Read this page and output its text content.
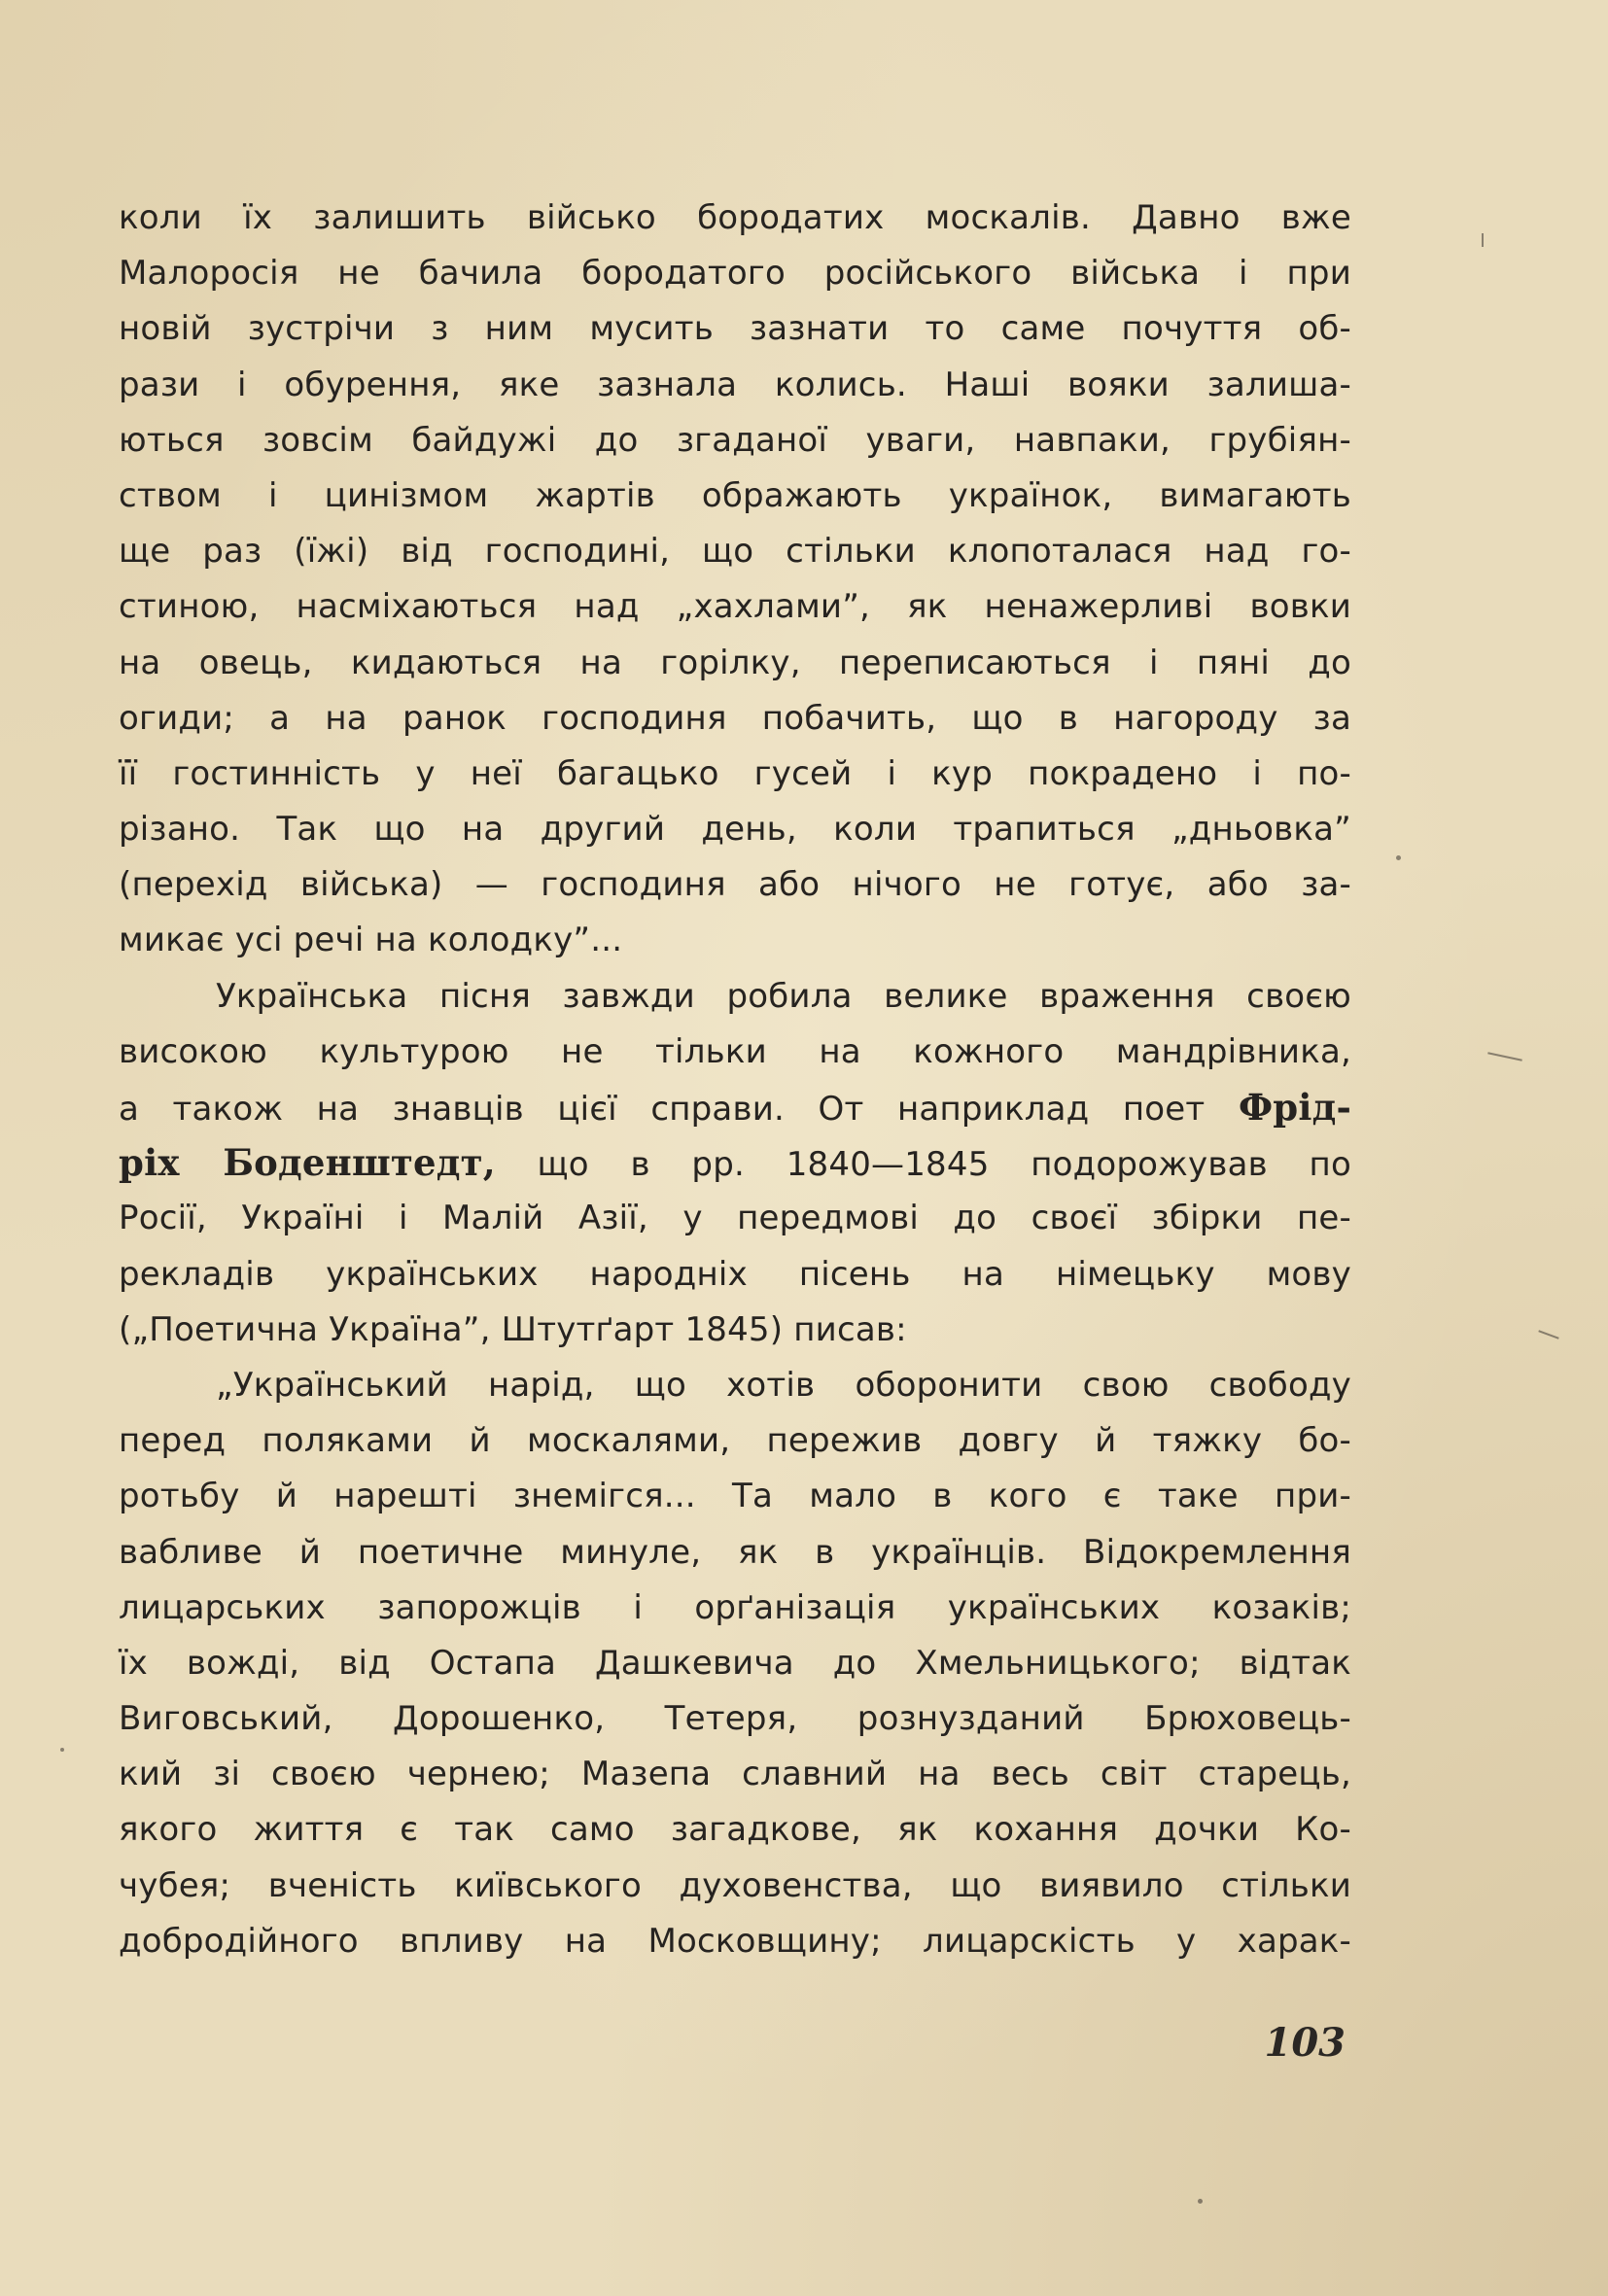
коли їх залишить військо бородатих москалів. Давно вже
Малоросія не бачила бородатого російського війська і при
новій зустрічи з ним мусить зазнати то саме почуття об-
рази і обурення, яке зазнала колись. Наші вояки залиша-
ються зовсім байдужі до згаданої уваги, навпаки, грубіян-
ством і цинізмом жартів ображають українок, вимагають
ще раз (їжі) від господині, що стільки клопоталася над го-
стиною, насміхаються над „хахлами”, як ненажерливі вовки
на овець, кидаються на горілку, переписаються і пяні до
огиди; а на ранок господиня побачить, що в нагороду за
її гостинність у неї багацько гусей і кур покрадено і по-
різано. Так що на другий день, коли трапиться „дньовка”
(перехід війська) — господиня або нічого не готує, або за-
микає усі речі на колодку”...
Українська пісня завжди робила велике враження своєю
високою культурою не тільки на кожного мандрівника,
а також на знавців цієї справи. От наприклад поет Фрід-
ріх Боденштедт, що в рр. 1840—1845 подорожував по
Росії, Україні і Малій Азії, у передмові до своєї збірки пе-
рекладів українських народніх пісень на німецьку мову
(„Поетична Україна”, Штутґарт 1845) писав:
„Український нарід, що хотів оборонити свою свободу
перед поляками й москалями, пережив довгу й тяжку бо-
ротьбу й нарешті знемігся... Та мало в кого є таке при-
вабливе й поетичне минуле, як в українців. Відокремлення
лицарських запорожців і орґанізація українських козаків;
їх вожді, від Остапа Дашкевича до Хмельницького; відтак
Виговський, Дорошенко, Тетеря, рознузданий Брюховець-
кий зі своєю чернею; Мазепа славний на весь світ старець,
якого життя є так само загадкове, як кохання дочки Ко-
чубея; вченість київського духовенства, що виявило стільки
добродійного впливу на Московщину; лицарскість у харак-
103
